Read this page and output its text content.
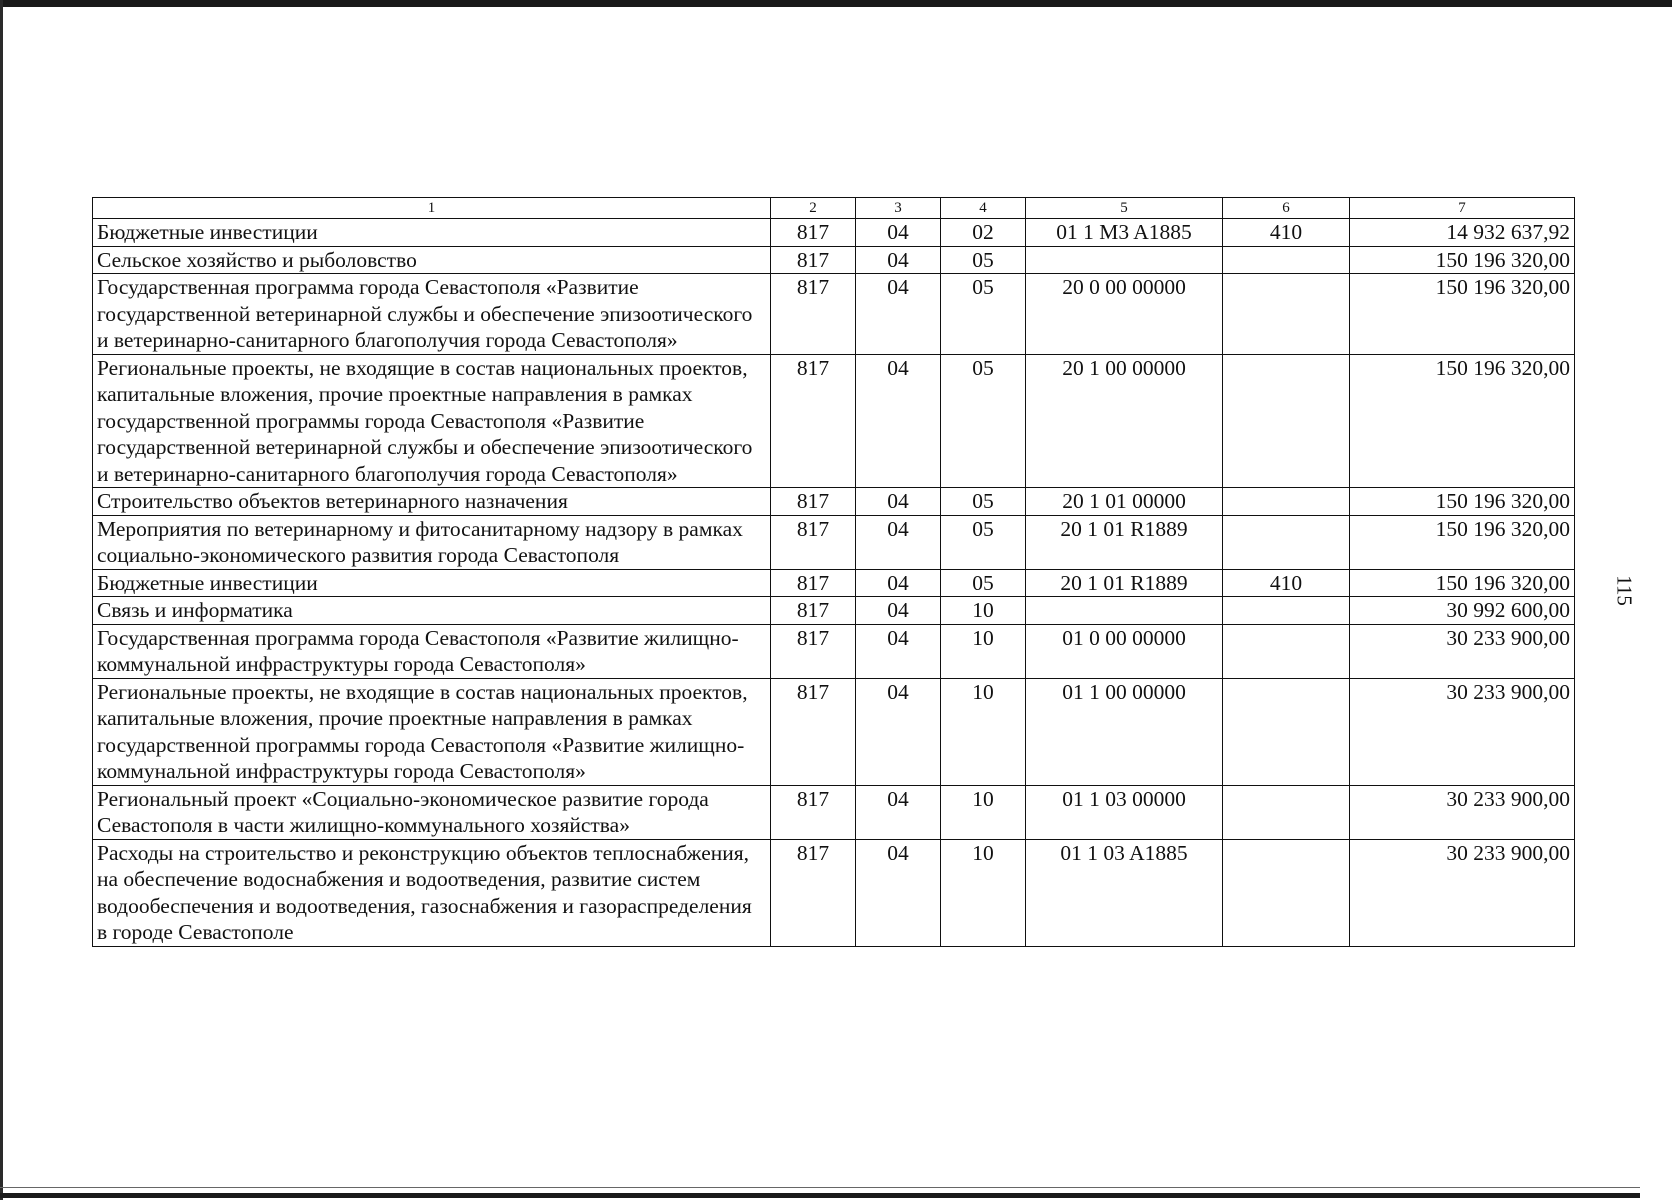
115
1	2	3	4	5	6	7
Бюджетные инвестиции	817	04	02	01 1 M3 A1885	410	14 932 637,92
Сельское хозяйство и рыболовство	817	04	05			150 196 320,00
Государственная программа города Севастополя «Развитие государственной ветеринарной службы и обеспечение эпизоотического и ветеринарно-санитарного благополучия города Севастополя»	817	04	05	20 0 00 00000		150 196 320,00
Региональные проекты, не входящие в состав национальных проектов, капитальные вложения, прочие проектные направления в рамках государственной программы города Севастополя «Развитие государственной ветеринарной службы и обеспечение эпизоотического и ветеринарно-санитарного благополучия города Севастополя»	817	04	05	20 1 00 00000		150 196 320,00
Строительство объектов ветеринарного назначения	817	04	05	20 1 01 00000		150 196 320,00
Мероприятия по ветеринарному и фитосанитарному надзору в рамках социально-экономического развития города Севастополя	817	04	05	20 1 01 R1889		150 196 320,00
Бюджетные инвестиции	817	04	05	20 1 01 R1889	410	150 196 320,00
Связь и информатика	817	04	10			30 992 600,00
Государственная программа города Севастополя «Развитие жилищно-коммунальной инфраструктуры города Севастополя»	817	04	10	01 0 00 00000		30 233 900,00
Региональные проекты, не входящие в состав национальных проектов, капитальные вложения, прочие проектные направления в рамках государственной программы города Севастополя «Развитие жилищно-коммунальной инфраструктуры города Севастополя»	817	04	10	01 1 00 00000		30 233 900,00
Региональный проект «Социально-экономическое развитие города Севастополя в части жилищно-коммунального хозяйства»	817	04	10	01 1 03 00000		30 233 900,00
Расходы на строительство и реконструкцию объектов теплоснабжения, на обеспечение водоснабжения и водоотведения, развитие систем водообеспечения и водоотведения, газоснабжения и газораспределения в городе Севастополе	817	04	10	01 1 03 A1885		30 233 900,00
